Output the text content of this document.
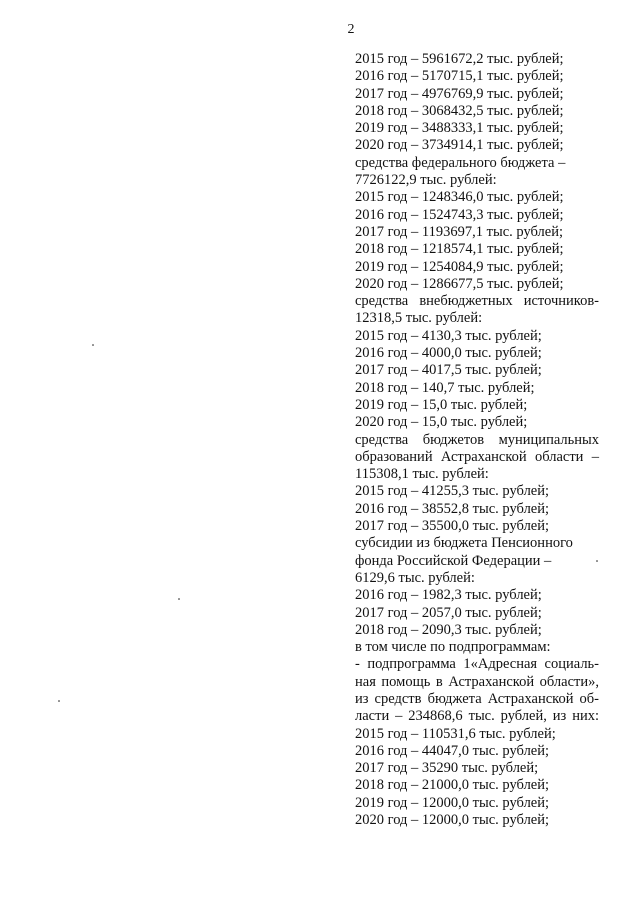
2
2015 год – 5961672,2 тыс. рублей;
2016 год – 5170715,1 тыс. рублей;
2017 год – 4976769,9 тыс. рублей;
2018 год – 3068432,5 тыс. рублей;
2019 год – 3488333,1 тыс. рублей;
2020 год – 3734914,1 тыс. рублей;
средства федерального бюджета –
7726122,9 тыс. рублей:
2015 год – 1248346,0 тыс. рублей;
2016 год – 1524743,3 тыс. рублей;
2017 год – 1193697,1 тыс. рублей;
2018 год – 1218574,1 тыс. рублей;
2019 год – 1254084,9 тыс. рублей;
2020 год – 1286677,5 тыс. рублей;
средства внебюджетных источников-
12318,5 тыс. рублей:
2015 год – 4130,3 тыс. рублей;
2016 год – 4000,0 тыс. рублей;
2017 год – 4017,5 тыс. рублей;
2018 год – 140,7 тыс. рублей;
2019 год – 15,0 тыс. рублей;
2020 год – 15,0 тыс. рублей;
средства бюджетов муниципальных
образований Астраханской области –
115308,1 тыс. рублей:
2015 год – 41255,3 тыс. рублей;
2016 год – 38552,8 тыс. рублей;
2017 год – 35500,0 тыс. рублей;
субсидии из бюджета Пенсионного
фонда Российской Федерации –
6129,6 тыс. рублей:
2016 год – 1982,3 тыс. рублей;
2017 год – 2057,0 тыс. рублей;
2018 год – 2090,3 тыс. рублей;
в том числе по подпрограммам:
- подпрограмма 1«Адресная социаль-
ная помощь в Астраханской области»,
из средств бюджета Астраханской об-
ласти – 234868,6 тыс. рублей, из них:
2015 год – 110531,6 тыс. рублей;
2016 год – 44047,0 тыс. рублей;
2017 год – 35290 тыс. рублей;
2018 год – 21000,0 тыс. рублей;
2019 год – 12000,0 тыс. рублей;
2020 год – 12000,0 тыс. рублей;
